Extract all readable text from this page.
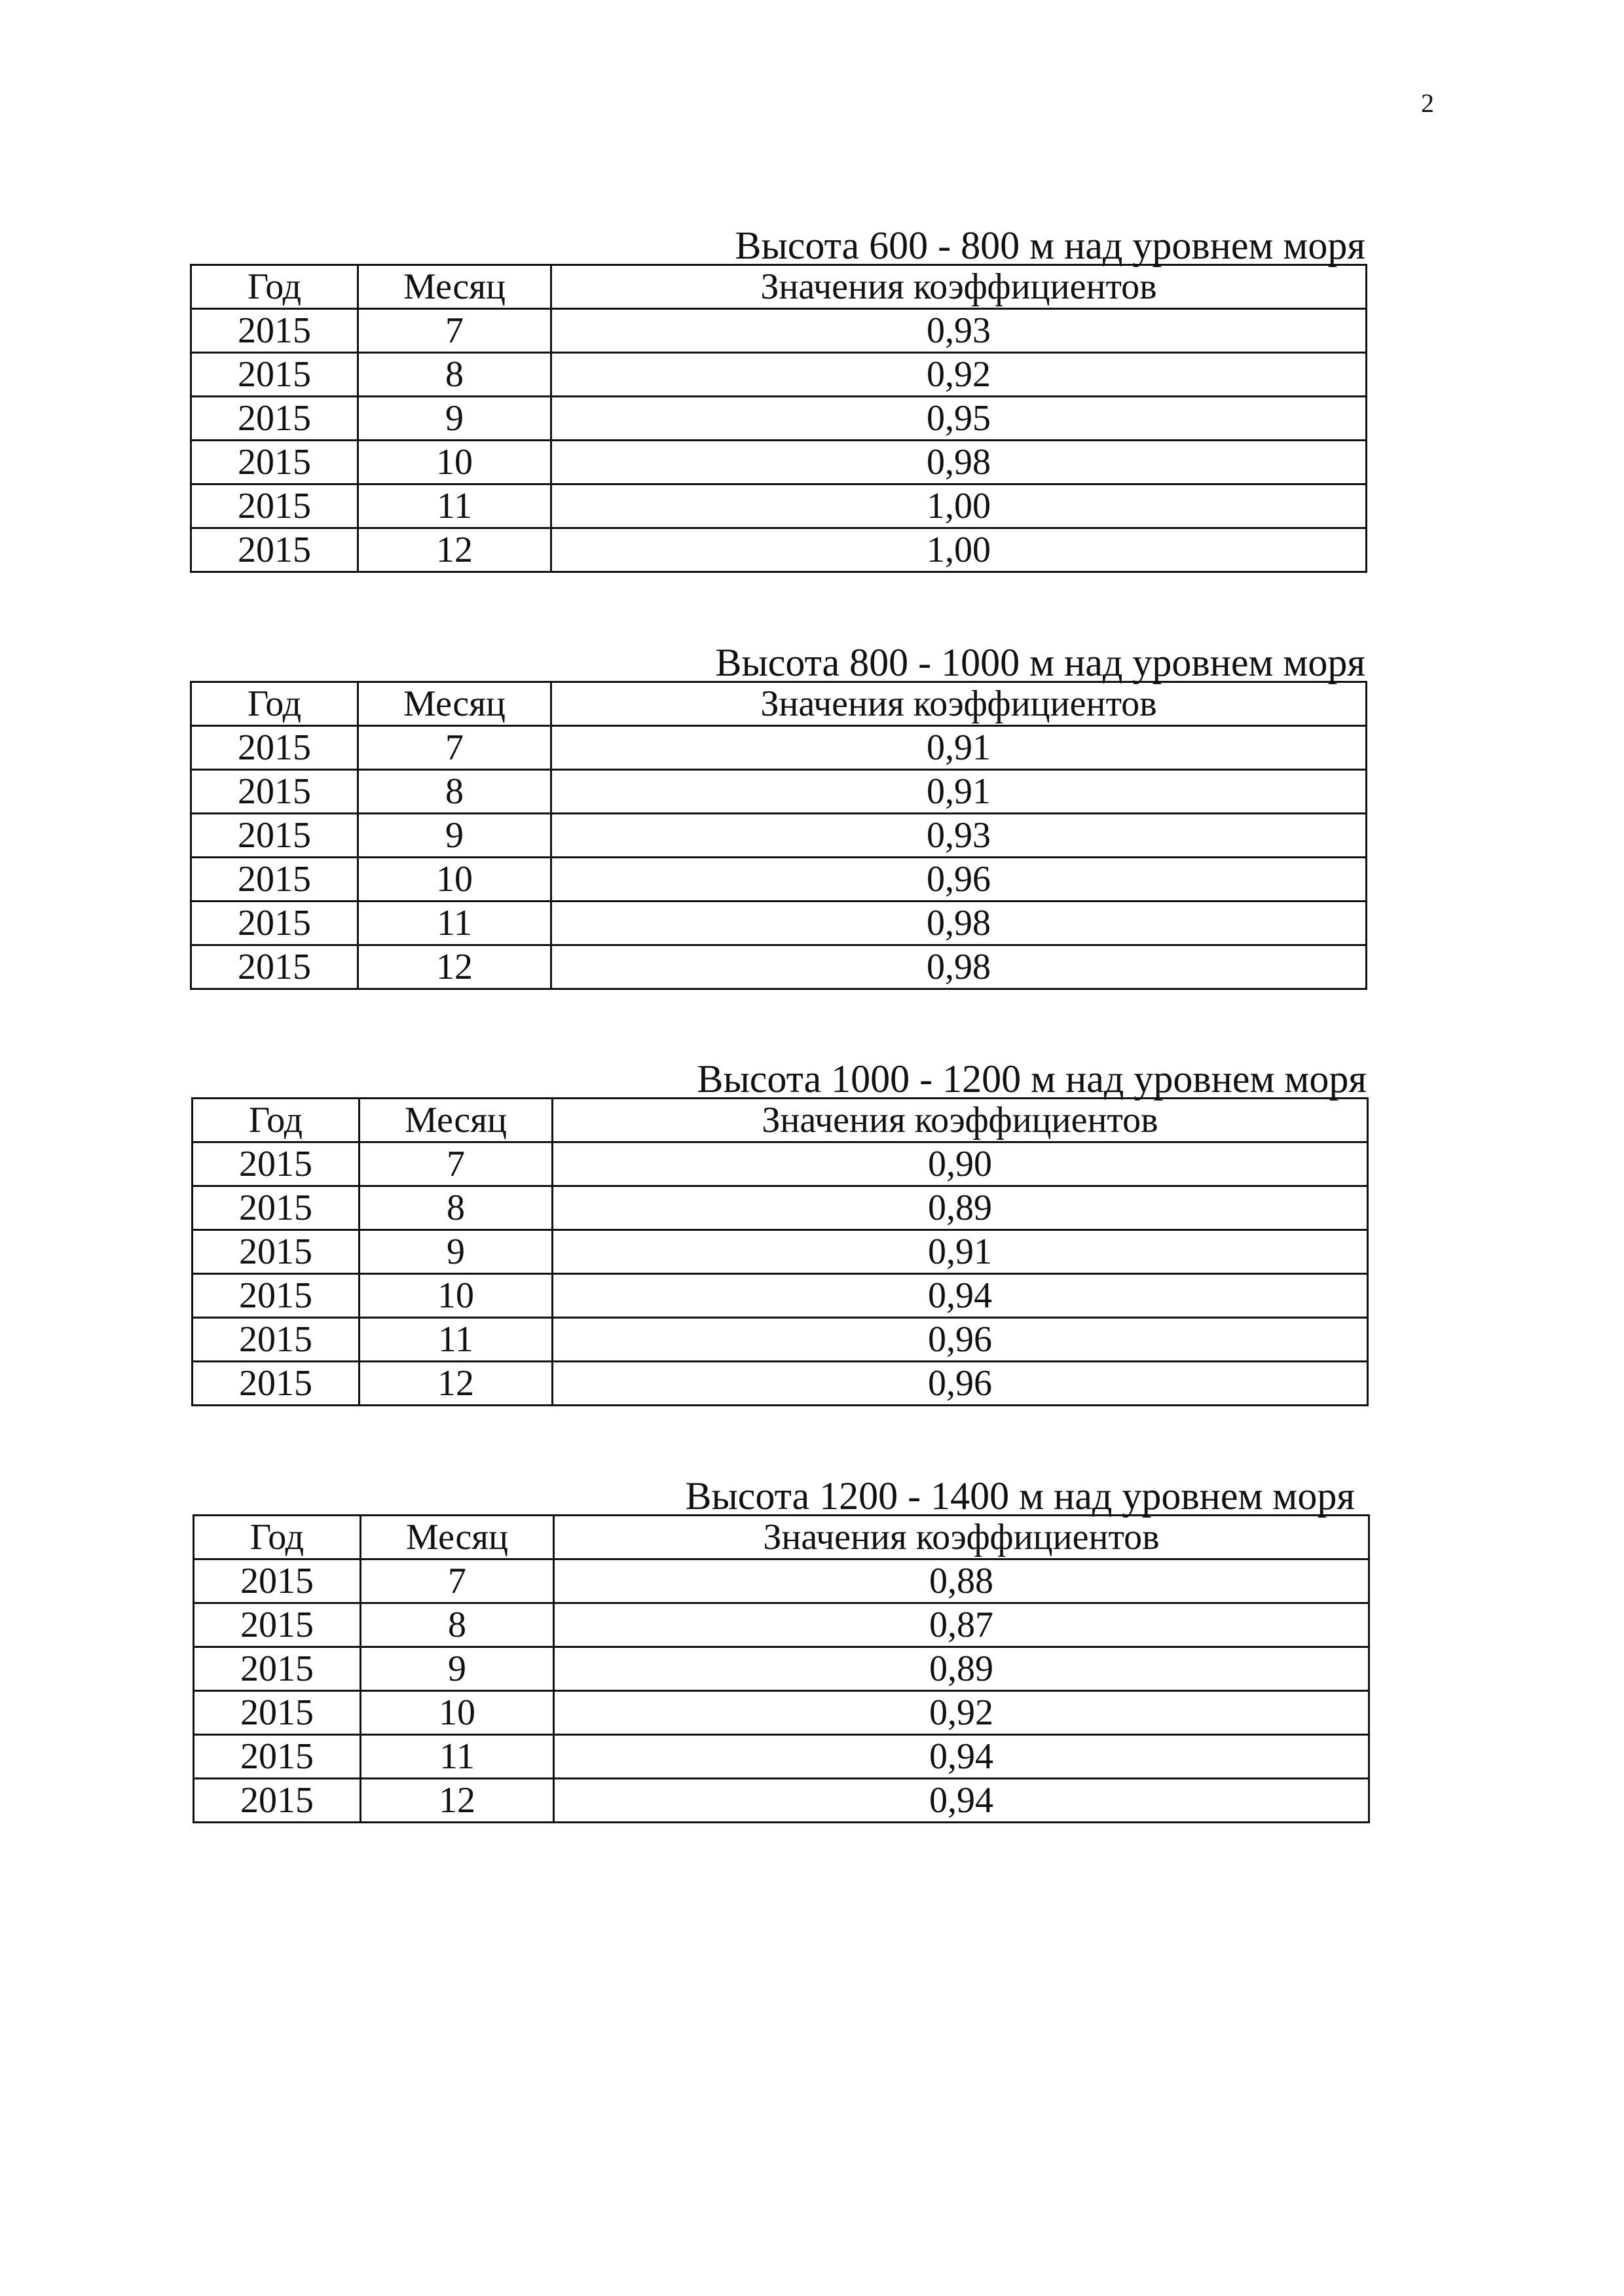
2
Высота 600 - 800 м над уровнем моря
Год	Месяц	Значения коэффициентов
2015	7	0,93
2015	8	0,92
2015	9	0,95
2015	10	0,98
2015	11	1,00
2015	12	1,00
Высота 800 - 1000 м над уровнем моря
Год	Месяц	Значения коэффициентов
2015	7	0,91
2015	8	0,91
2015	9	0,93
2015	10	0,96
2015	11	0,98
2015	12	0,98
Высота 1000 - 1200 м над уровнем моря
Год	Месяц	Значения коэффициентов
2015	7	0,90
2015	8	0,89
2015	9	0,91
2015	10	0,94
2015	11	0,96
2015	12	0,96
Высота 1200 - 1400 м над уровнем моря
Год	Месяц	Значения коэффициентов
2015	7	0,88
2015	8	0,87
2015	9	0,89
2015	10	0,92
2015	11	0,94
2015	12	0,94
